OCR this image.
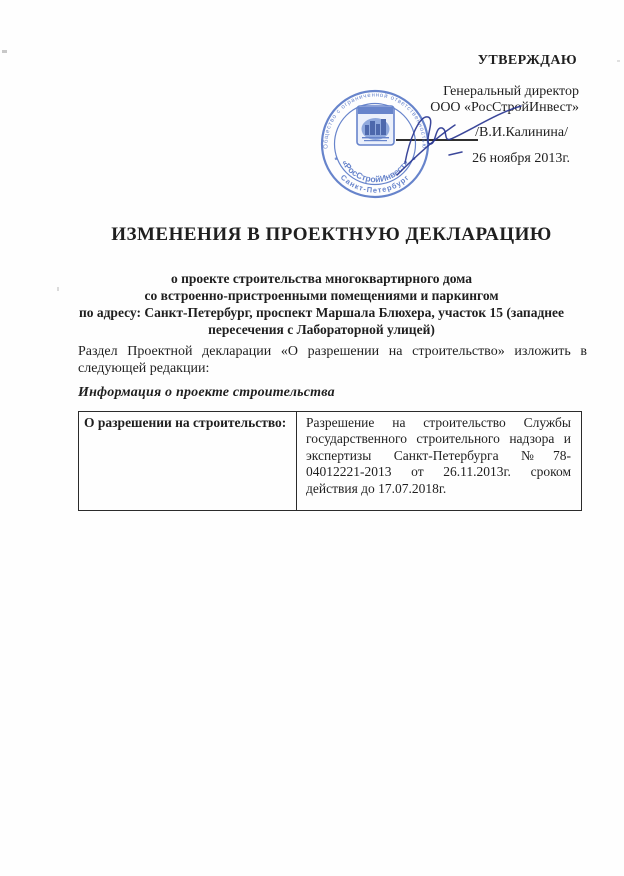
УТВЕРЖДАЮ
Генеральный директор
ООО «РосСтройИнвест»
/В.И.Калинина/
26 ноября 2013г.
Общество с ограниченной ответственностью
«РосСтройИнвест»
Санкт-Петербург
*	*
ИЗМЕНЕНИЯ В ПРОЕКТНУЮ ДЕКЛАРАЦИЮ
о проекте строительства многоквартирного дома
со встроенно-пристроенными помещениями и паркингом
по адресу: Санкт-Петербург, проспект Маршала Блюхера, участок 15 (западнее
пересечения с Лабораторной улицей)
Раздел Проектной декларации «О разрешении на строительство» изложить в следующей редакции:
Информация о проекте строительства
О разрешении на строительство:	Разрешение на строительство Службы государственного строительного надзора и экспертизы Санкт-Петербурга №78-04012221-2013 от 26.11.2013г. сроком действия до 17.07.2018г.
